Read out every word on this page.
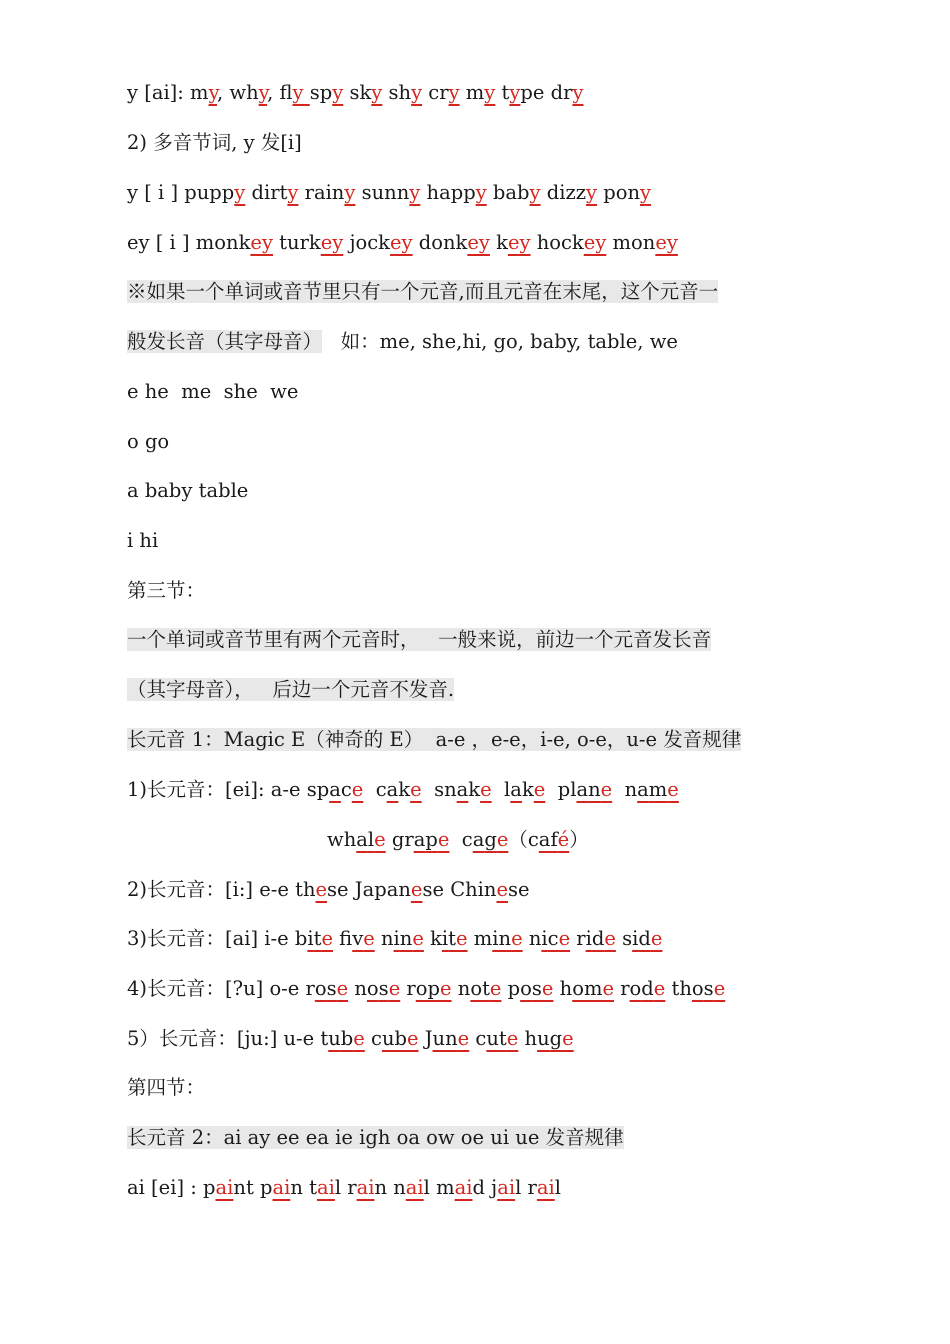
y [ai]: my, why, fly spy sky shy cry my type dry
2) 多音节词, y 发[i]
y [ i ] puppy dirty rainy sunny happy baby dizzy pony
ey [ i ] monkey turkey jockey donkey key hockey money
※如果一个单词或音节里只有一个元音,而且元音在末尾，这个元音一
般发长音（其字母音）   如：me, she,hi, go, baby, table, we
e he  me  she  we
o go
a baby table
i hi
第三节：
一个单词或音节里有两个元音时，   一般来说，前边一个元音发长音
（其字母音），   后边一个元音不发音.
长元音 1：Magic E（神奇的 E）  a-e ，e-e，i-e, o-e，u-e 发音规律
1)长元音：[ei]: a-e space  cake  snake  lake  plane  name
whale grape  cage（café）
2)长元音：[i:] e-e these Japanese Chinese
3)长元音：[ai] i-e bite fve nine kite mine nice ride side
4)长元音：[?u] o-e rose nose rope note pose home rode those
5）长元音：[ju:] u-e tube cube June cute huge
第四节：
长元音 2：ai ay ee ea ie igh oa ow oe ui ue 发音规律
ai [ei] : paint pain tail rain nail maid jail rail
